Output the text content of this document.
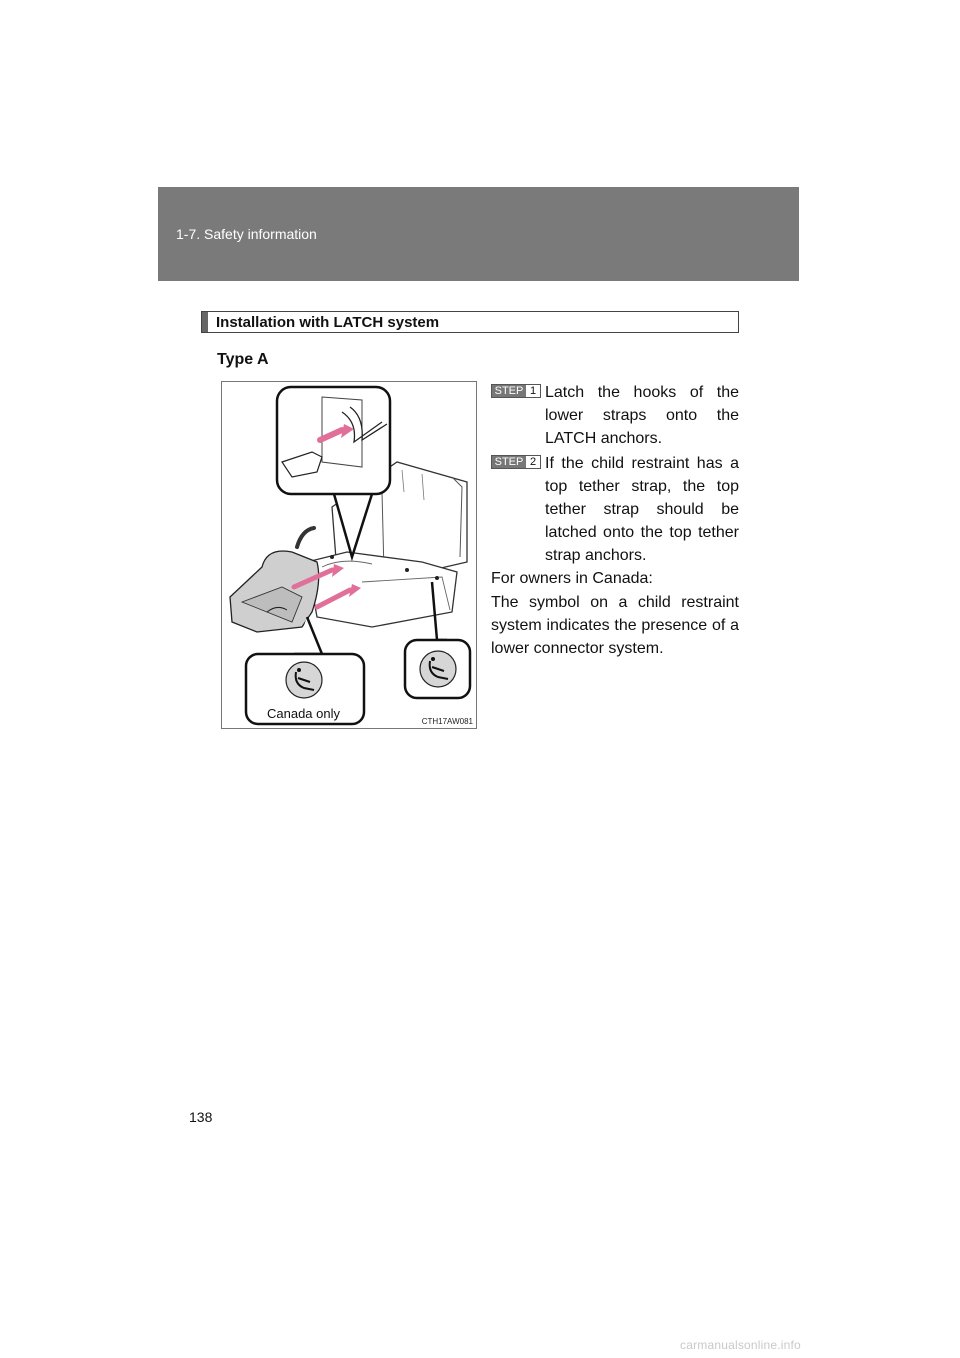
1-7. Safety information
Installation with LATCH system
Type A
Canada only
CTH17AW081
STEP 1 Latch the hooks of the lower straps onto the LATCH anchors.
STEP 2 If the child restraint has a top tether strap, the top tether strap should be latched onto the top tether strap anchors.
For owners in Canada:
The symbol on a child restraint system indicates the presence of a lower connector system.
138
carmanualsonline.info
